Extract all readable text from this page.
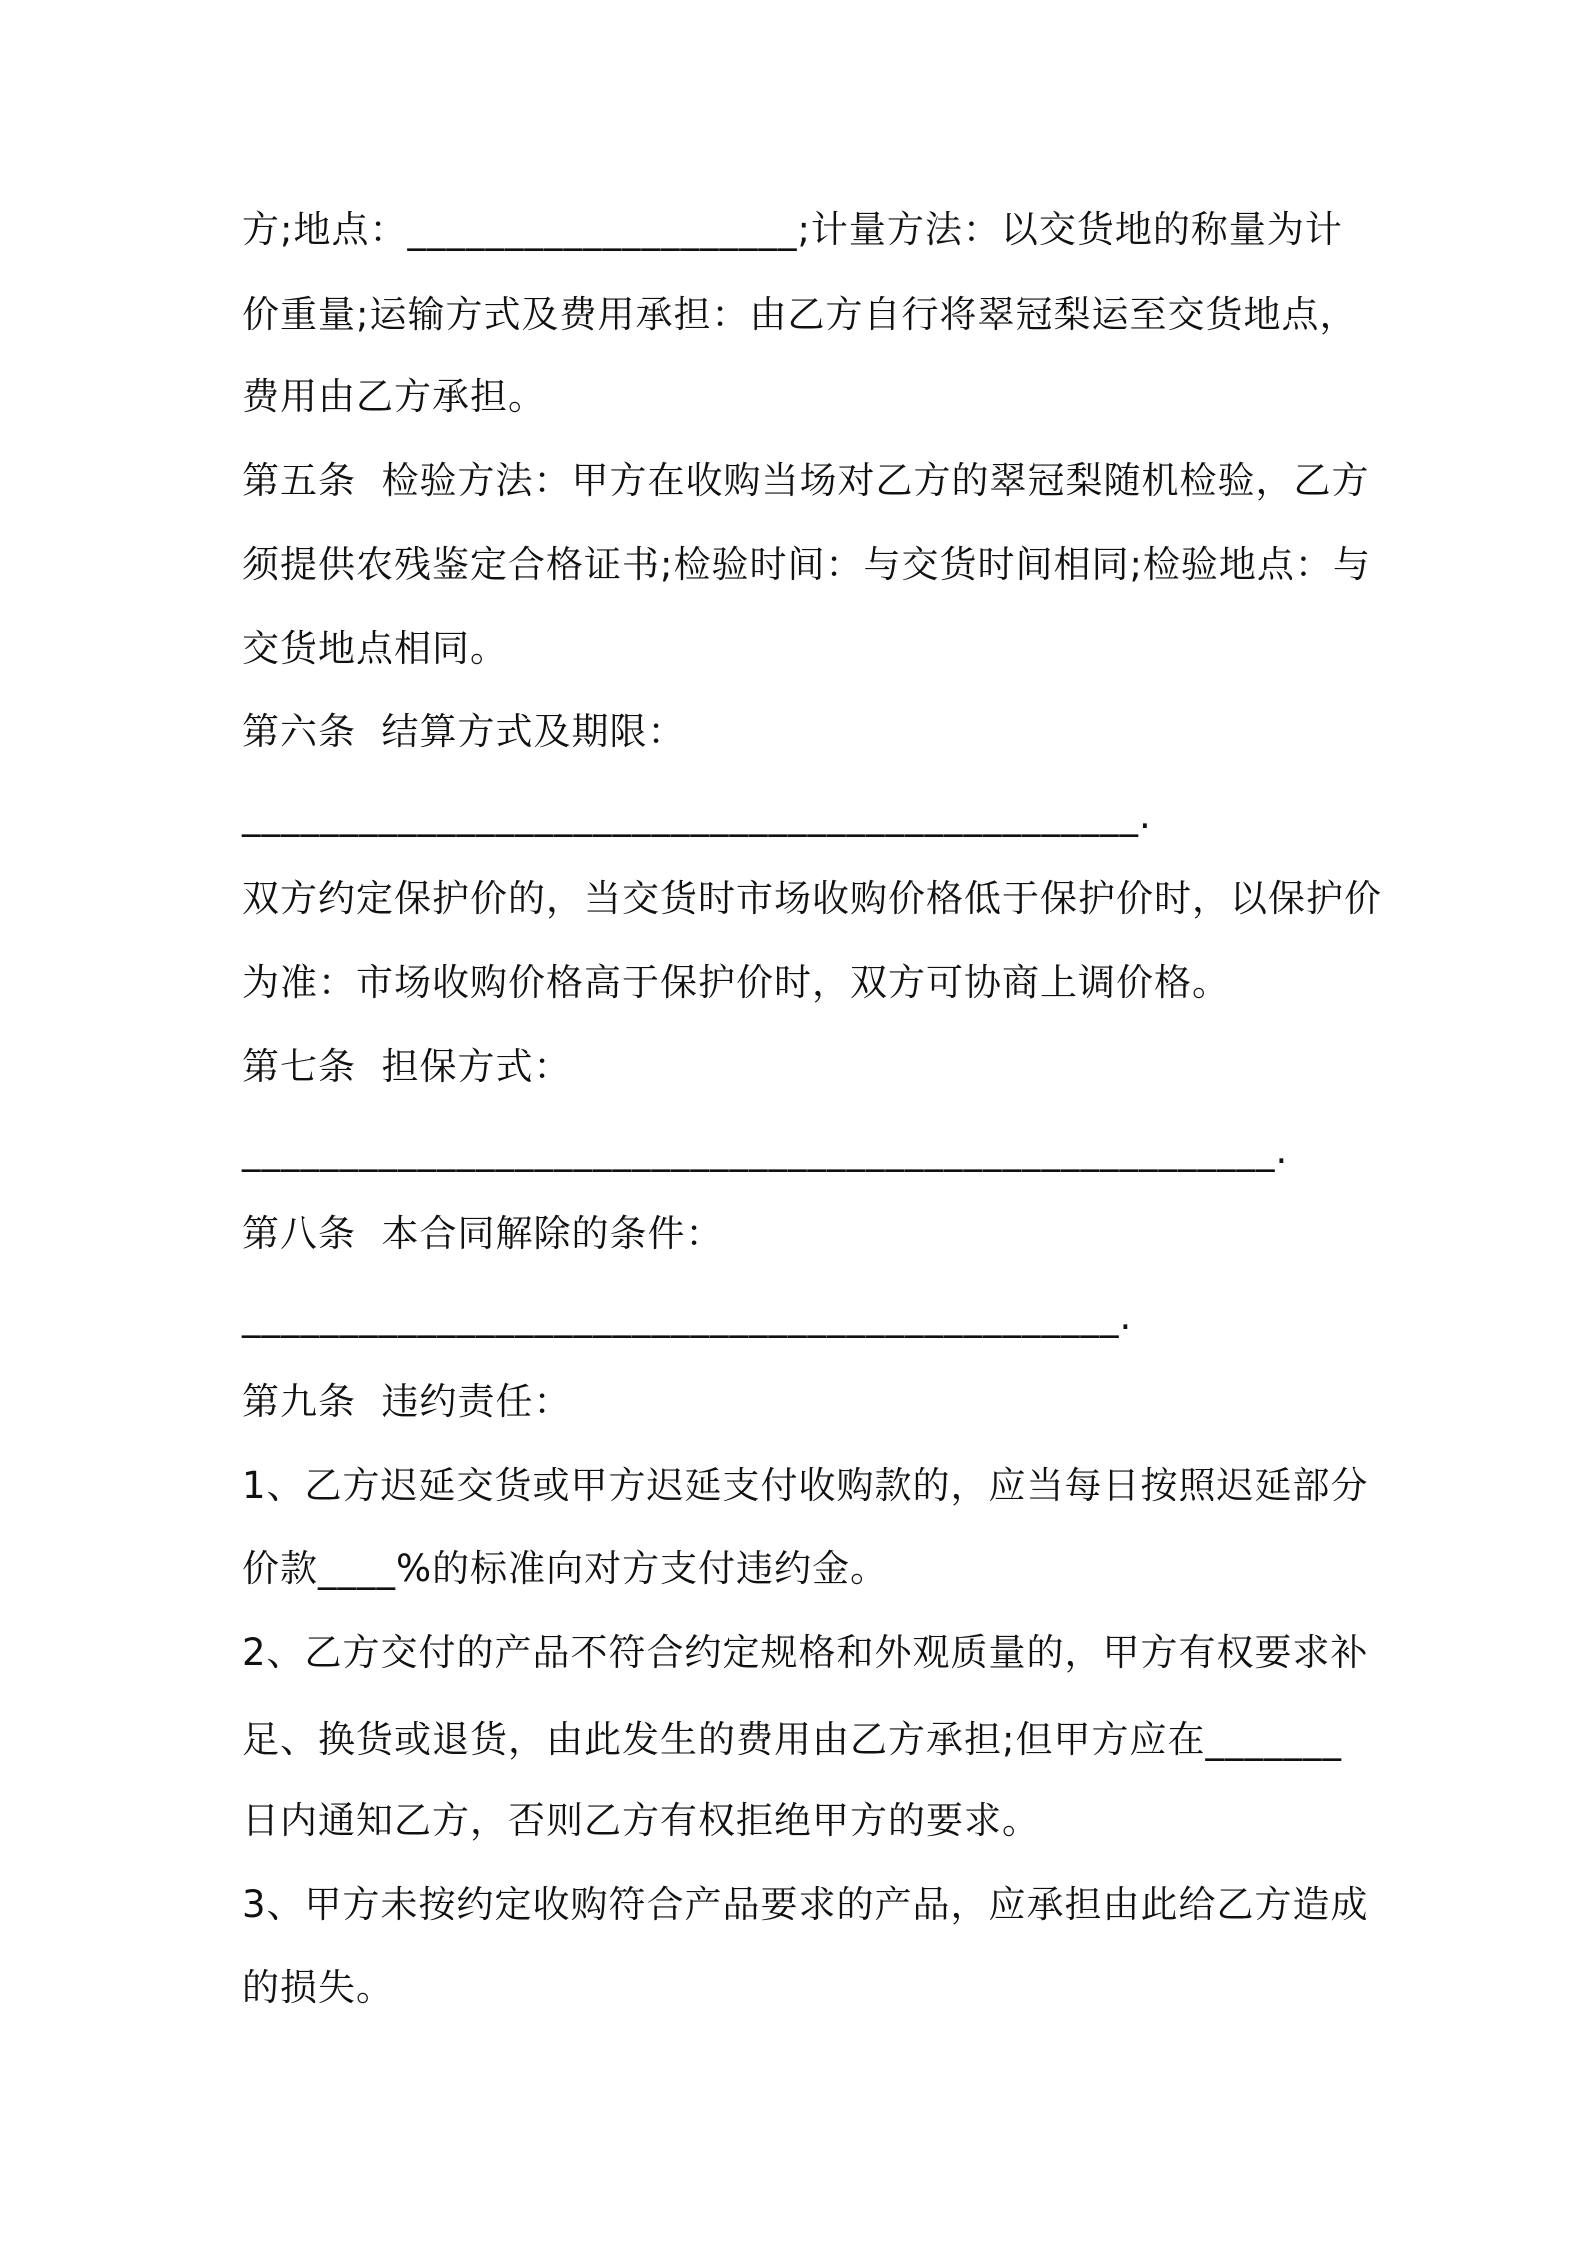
方;地点：____________________;计量方法：以交货地的称量为计
价重量;运输方式及费用承担：由乙方自行将翠冠梨运至交货地点，
费用由乙方承担。
第五条  检验方法：甲方在收购当场对乙方的翠冠梨随机检验，乙方
须提供农残鉴定合格证书;检验时间：与交货时间相同;检验地点：与
交货地点相同。
第六条  结算方式及期限：
______________________________________________.
双方约定保护价的，当交货时市场收购价格低于保护价时，以保护价
为准：市场收购价格高于保护价时，双方可协商上调价格。
第七条  担保方式：
_____________________________________________________.
第八条  本合同解除的条件：
_____________________________________________.
第九条  违约责任：
1、乙方迟延交货或甲方迟延支付收购款的，应当每日按照迟延部分
价款____%的标准向对方支付违约金。
2、乙方交付的产品不符合约定规格和外观质量的，甲方有权要求补
足、换货或退货，由此发生的费用由乙方承担;但甲方应在_______
日内通知乙方，否则乙方有权拒绝甲方的要求。
3、甲方未按约定收购符合产品要求的产品，应承担由此给乙方造成
的损失。
